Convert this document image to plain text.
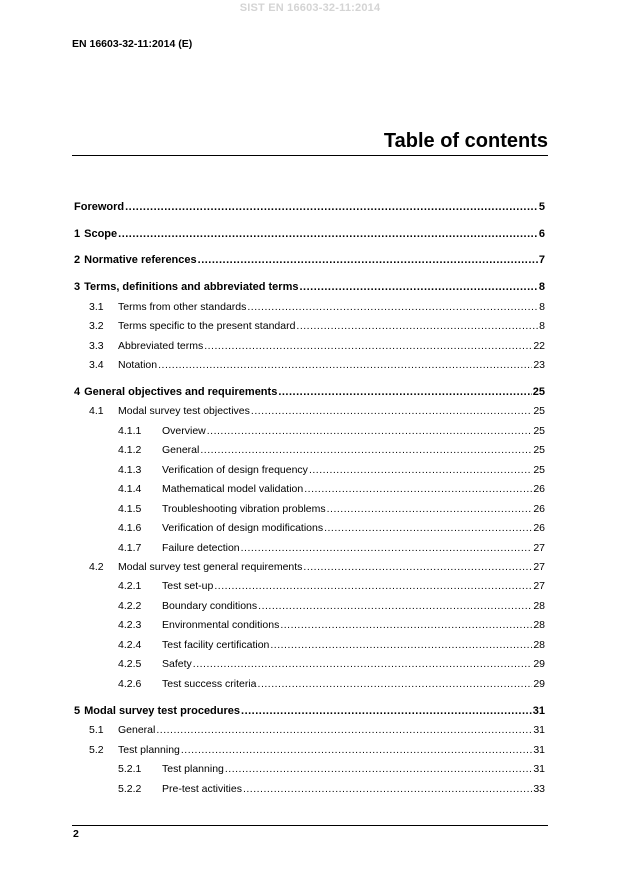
SIST EN 16603-32-11:2014
EN 16603-32-11:2014 (E)
Table of contents
Foreword .....	5
1 Scope .....	6
2 Normative references .....	7
3 Terms, definitions and abbreviated terms .....	8
3.1	Terms from other standards .....	8
3.2	Terms specific to the present standard .....	8
3.3	Abbreviated terms .....	22
3.4	Notation .....	23
4 General objectives and requirements .....	25
4.1	Modal survey test objectives .....	25
4.1.1	Overview .....	25
4.1.2	General .....	25
4.1.3	Verification of design frequency .....	25
4.1.4	Mathematical model validation .....	26
4.1.5	Troubleshooting vibration problems .....	26
4.1.6	Verification of design modifications .....	26
4.1.7	Failure detection .....	27
4.2	Modal survey test general requirements .....	27
4.2.1	Test set-up .....	27
4.2.2	Boundary conditions .....	28
4.2.3	Environmental conditions .....	28
4.2.4	Test facility certification .....	28
4.2.5	Safety .....	29
4.2.6	Test success criteria .....	29
5 Modal survey test procedures .....	31
5.1	General .....	31
5.2	Test planning .....	31
5.2.1	Test planning .....	31
5.2.2	Pre-test activities .....	33
2
